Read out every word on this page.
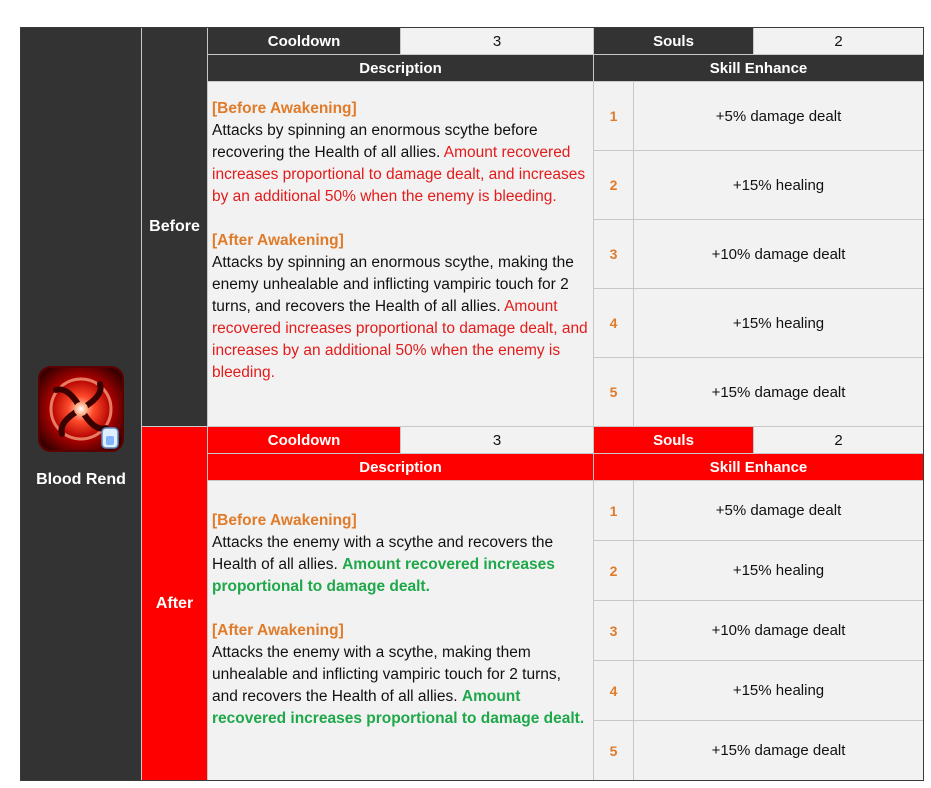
Blood Rend
Before
Cooldown	3	Souls	2
Description	Skill Enhance

[Before Awakening]

Attacks by spinning an enormous scythe before recovering the Health of all allies. Amount recovered increases proportional to damage dealt, and increases by an additional 50% when the enemy is bleeding.

[After Awakening]

Attacks by spinning an enormous scythe, making the enemy unhealable and inflicting vampiric touch for 2 turns, and recovers the Health of all allies. Amount recovered increases proportional to damage dealt, and increases by an additional 50% when the enemy is bleeding.

1	+5% damage dealt
2	+15% healing
3	+10% damage dealt
4	+15% healing
5	+15% damage dealt
After
Cooldown	3	Souls	2
Description	Skill Enhance

[Before Awakening]

Attacks the enemy with a scythe and recovers the Health of all allies. Amount recovered increases proportional to damage dealt.

[After Awakening]

Attacks the enemy with a scythe, making them unhealable and inflicting vampiric touch for 2 turns, and recovers the Health of all allies. Amount recovered increases proportional to damage dealt.

1	+5% damage dealt
2	+15% healing
3	+10% damage dealt
4	+15% healing
5	+15% damage dealt
